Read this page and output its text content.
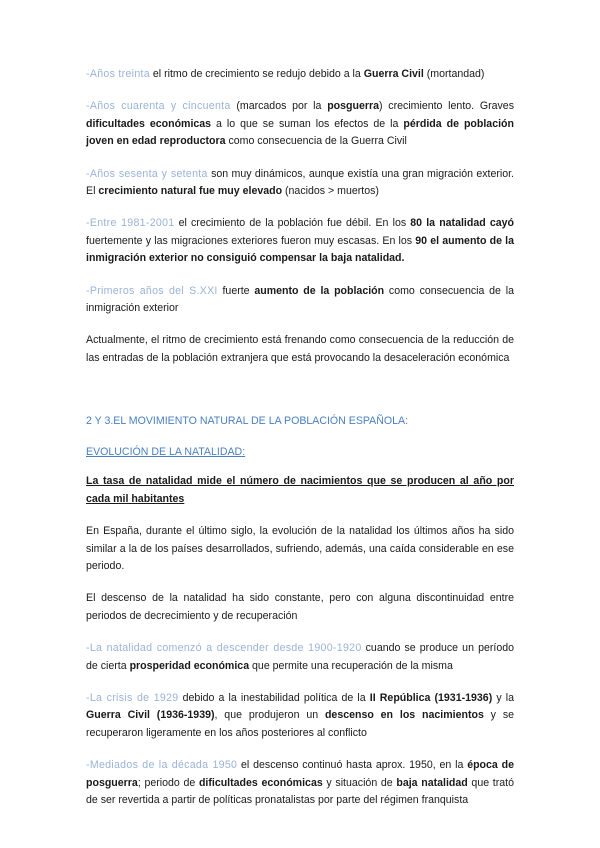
-Años treinta el ritmo de crecimiento se redujo debido a la Guerra Civil (mortandad)

-Años cuarenta y cincuenta (marcados por la posguerra) crecimiento lento. Graves dificultades económicas a lo que se suman los efectos de la pérdida de población joven en edad reproductora como consecuencia de la Guerra Civil

-Años sesenta y setenta son muy dinámicos, aunque existía una gran migración exterior. El crecimiento natural fue muy elevado (nacidos > muertos)

-Entre 1981-2001 el crecimiento de la población fue débil. En los 80 la natalidad cayó fuertemente y las migraciones exteriores fueron muy escasas. En los 90 el aumento de la inmigración exterior no consiguió compensar la baja natalidad.

-Primeros años del S.XXI fuerte aumento de la población como consecuencia de la inmigración exterior

Actualmente, el ritmo de crecimiento está frenando como consecuencia de la reducción de las entradas de la población extranjera que está provocando la desaceleración económica

2 Y 3.EL MOVIMIENTO NATURAL DE LA POBLACIÓN ESPAÑOLA:

EVOLUCIÓN DE LA NATALIDAD:

La tasa de natalidad mide el número de nacimientos que se producen al año por cada mil habitantes

En España, durante el último siglo, la evolución de la natalidad los últimos años ha sido similar a la de los países desarrollados, sufriendo, además, una caída considerable en ese periodo.

El descenso de la natalidad ha sido constante, pero con alguna discontinuidad entre periodos de decrecimiento y de recuperación

-La natalidad comenzó a descender desde 1900-1920 cuando se produce un período de cierta prosperidad económica que permite una recuperación de la misma

-La crisis de 1929 debido a la inestabilidad política de la II República (1931-1936) y la Guerra Civil (1936-1939), que produjeron un descenso en los nacimientos y se recuperaron ligeramente en los años posteriores al conflicto

-Mediados de la década 1950 el descenso continuó hasta aprox. 1950, en la época de posguerra; periodo de dificultades económicas y situación de baja natalidad que trató de ser revertida a partir de políticas pronatalistas por parte del régimen franquista
